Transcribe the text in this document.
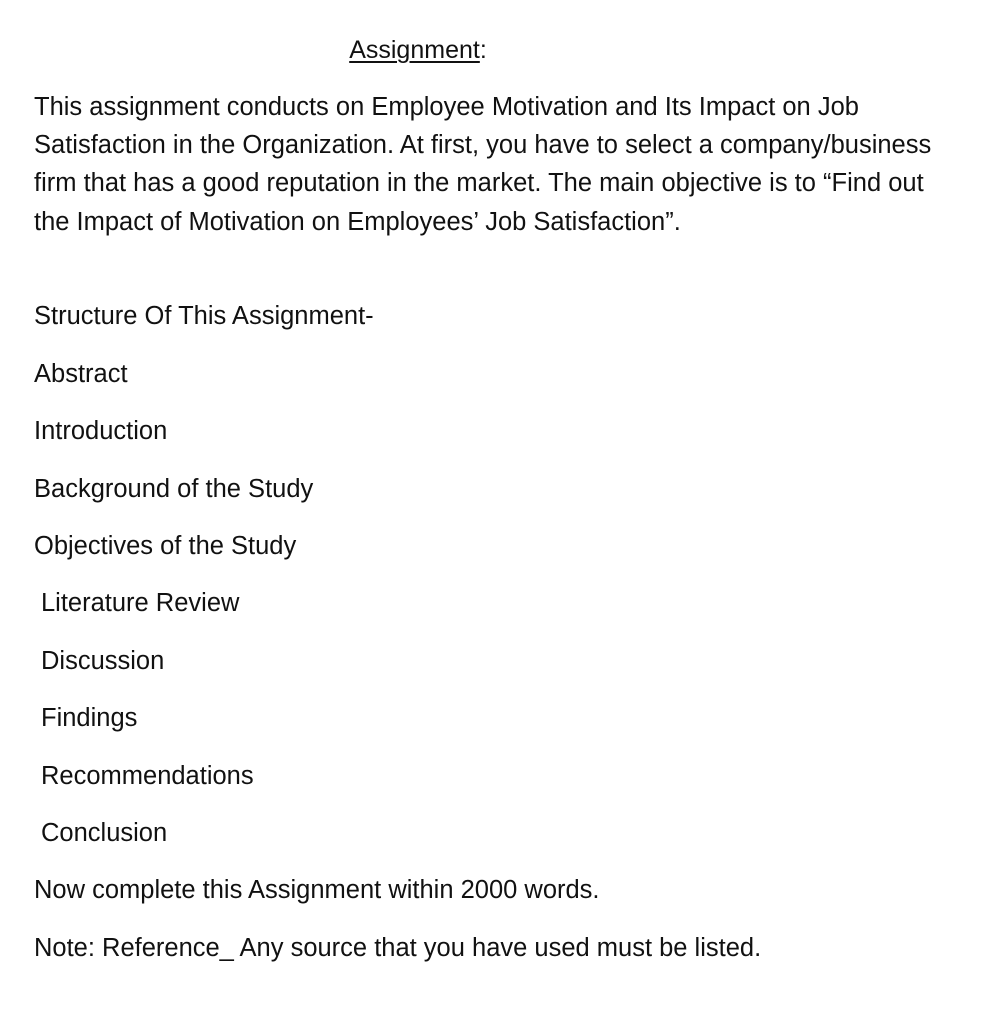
Assignment:

This assignment conducts on Employee Motivation and Its Impact on Job Satisfaction in the Organization. At first, you have to select a company/business firm that has a good reputation in the market. The main objective is to “Find out the Impact of Motivation on Employees’ Job Satisfaction”.

Structure Of This Assignment-

Abstract

Introduction

Background of the Study

Objectives of the Study

Literature Review

Discussion

Findings

Recommendations

Conclusion

Now complete this Assignment within 2000 words.

Note: Reference_ Any source that you have used must be listed.
